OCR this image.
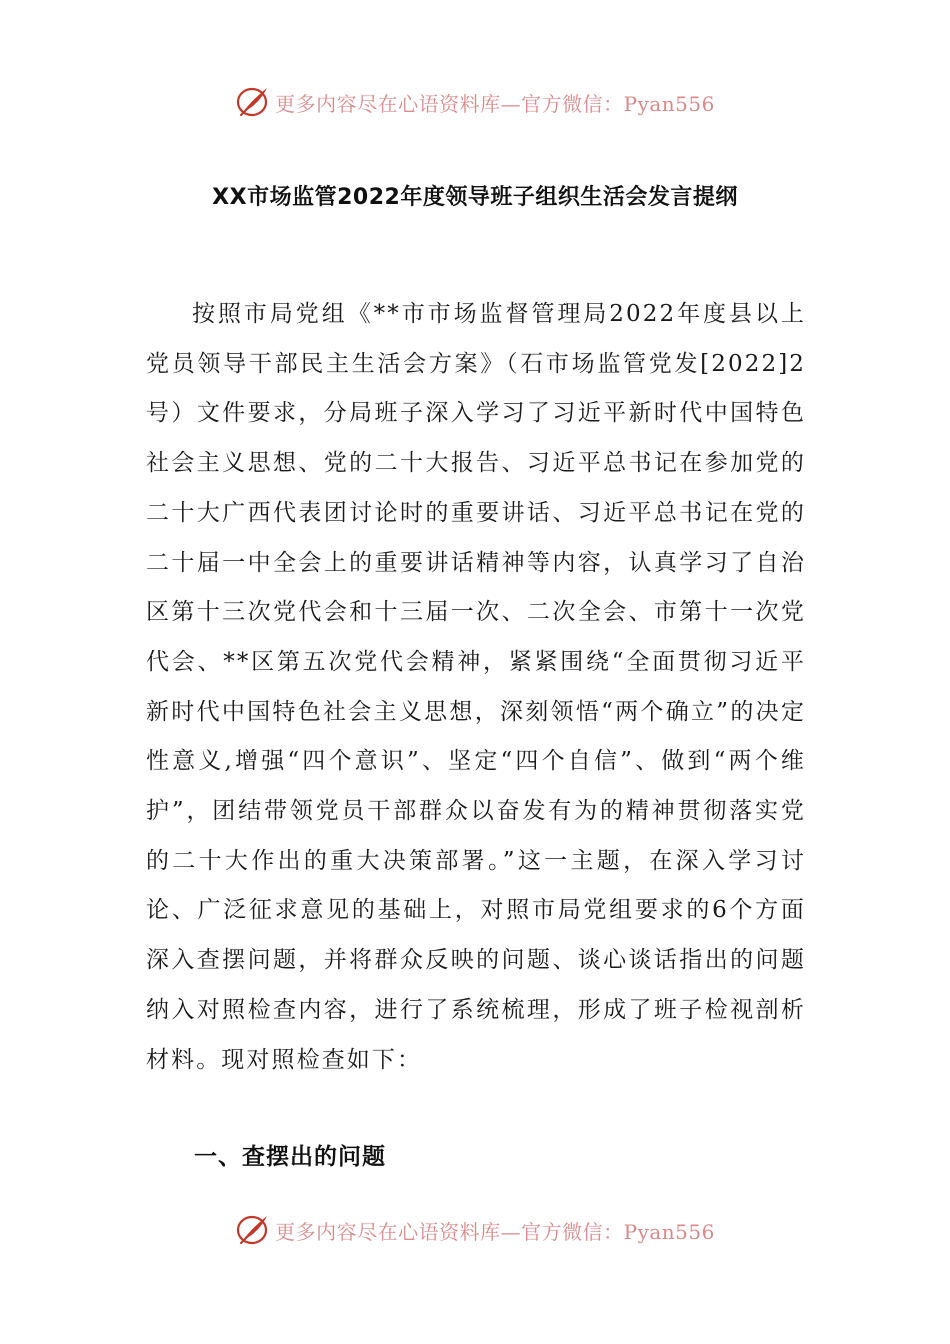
更多内容尽在心语资料库—官方微信：Pyan556
XX市场监管2022年度领导班子组织生活会发言提纲

按照市局党组《**市市场监督管理局2022年度县以上党员领导干部民主生活会方案》（石市场监管党发[2022]2号）文件要求，分局班子深入学习了习近平新时代中国特色社会主义思想、党的二十大报告、习近平总书记在参加党的二十大广西代表团讨论时的重要讲话、习近平总书记在党的二十届一中全会上的重要讲话精神等内容，认真学习了自治区第十三次党代会和十三届一次、二次全会、市第十一次党代会、**区第五次党代会精神，紧紧围绕“全面贯彻习近平新时代中国特色社会主义思想，深刻领悟“两个确立”的决定性意义,增强“四个意识”、坚定“四个自信”、做到“两个维护”，团结带领党员干部群众以奋发有为的精神贯彻落实党的二十大作出的重大决策部署。”这一主题，在深入学习讨论、广泛征求意见的基础上，对照市局党组要求的6个方面深入查摆问题，并将群众反映的问题、谈心谈话指出的问题纳入对照检查内容，进行了系统梳理，形成了班子检视剖析材料。现对照检查如下：

一、查摆出的问题
更多内容尽在心语资料库—官方微信：Pyan556
